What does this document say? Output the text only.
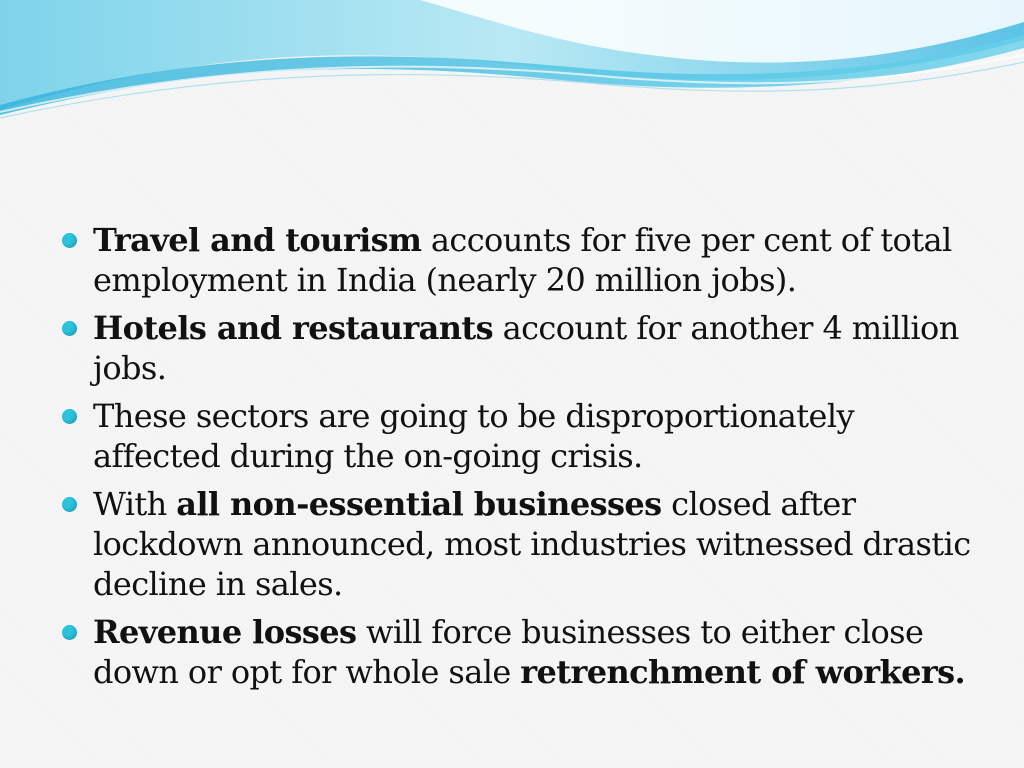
Travel and tourism accounts for five per cent of total employment in India (nearly 20 million jobs).
Hotels and restaurants account for another 4 million jobs.
These sectors are going to be disproportionately affected during the on-going crisis.
With all non-essential businesses closed after lockdown announced, most industries witnessed drastic decline in sales.
Revenue losses will force businesses to either close down or opt for whole sale retrenchment of workers.
